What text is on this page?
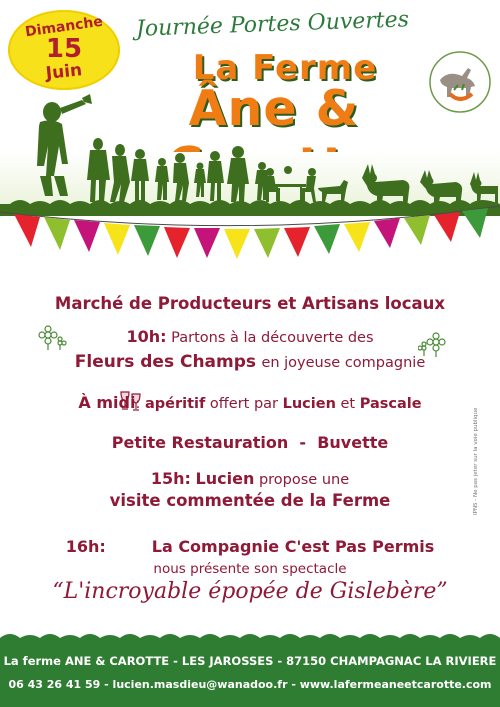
Dimanche
15
Juin
Journée Portes Ouvertes
La Ferme
Âne &
Marché de Producteurs et Artisans locaux
10h: Partons à la découverte des
Fleurs des Champs en joyeuse compagnie
À midi: apéritif offert par Lucien et Pascale
Petite Restauration - Buvette
15h: Lucien propose une
visite commentée de la Ferme
16h:	La Compagnie C'est Pas Permis
nous présente son spectacle
“L'incroyable épopée de Gislebère”
IPNS - Ne pas jeter sur la voie publique
La ferme ANE & CAROTTE - LES JAROSSES - 87150 CHAMPAGNAC LA RIVIERE
06 43 26 41 59 - lucien.masdieu@wanadoo.fr - www.lafermeaneetcarotte.com
